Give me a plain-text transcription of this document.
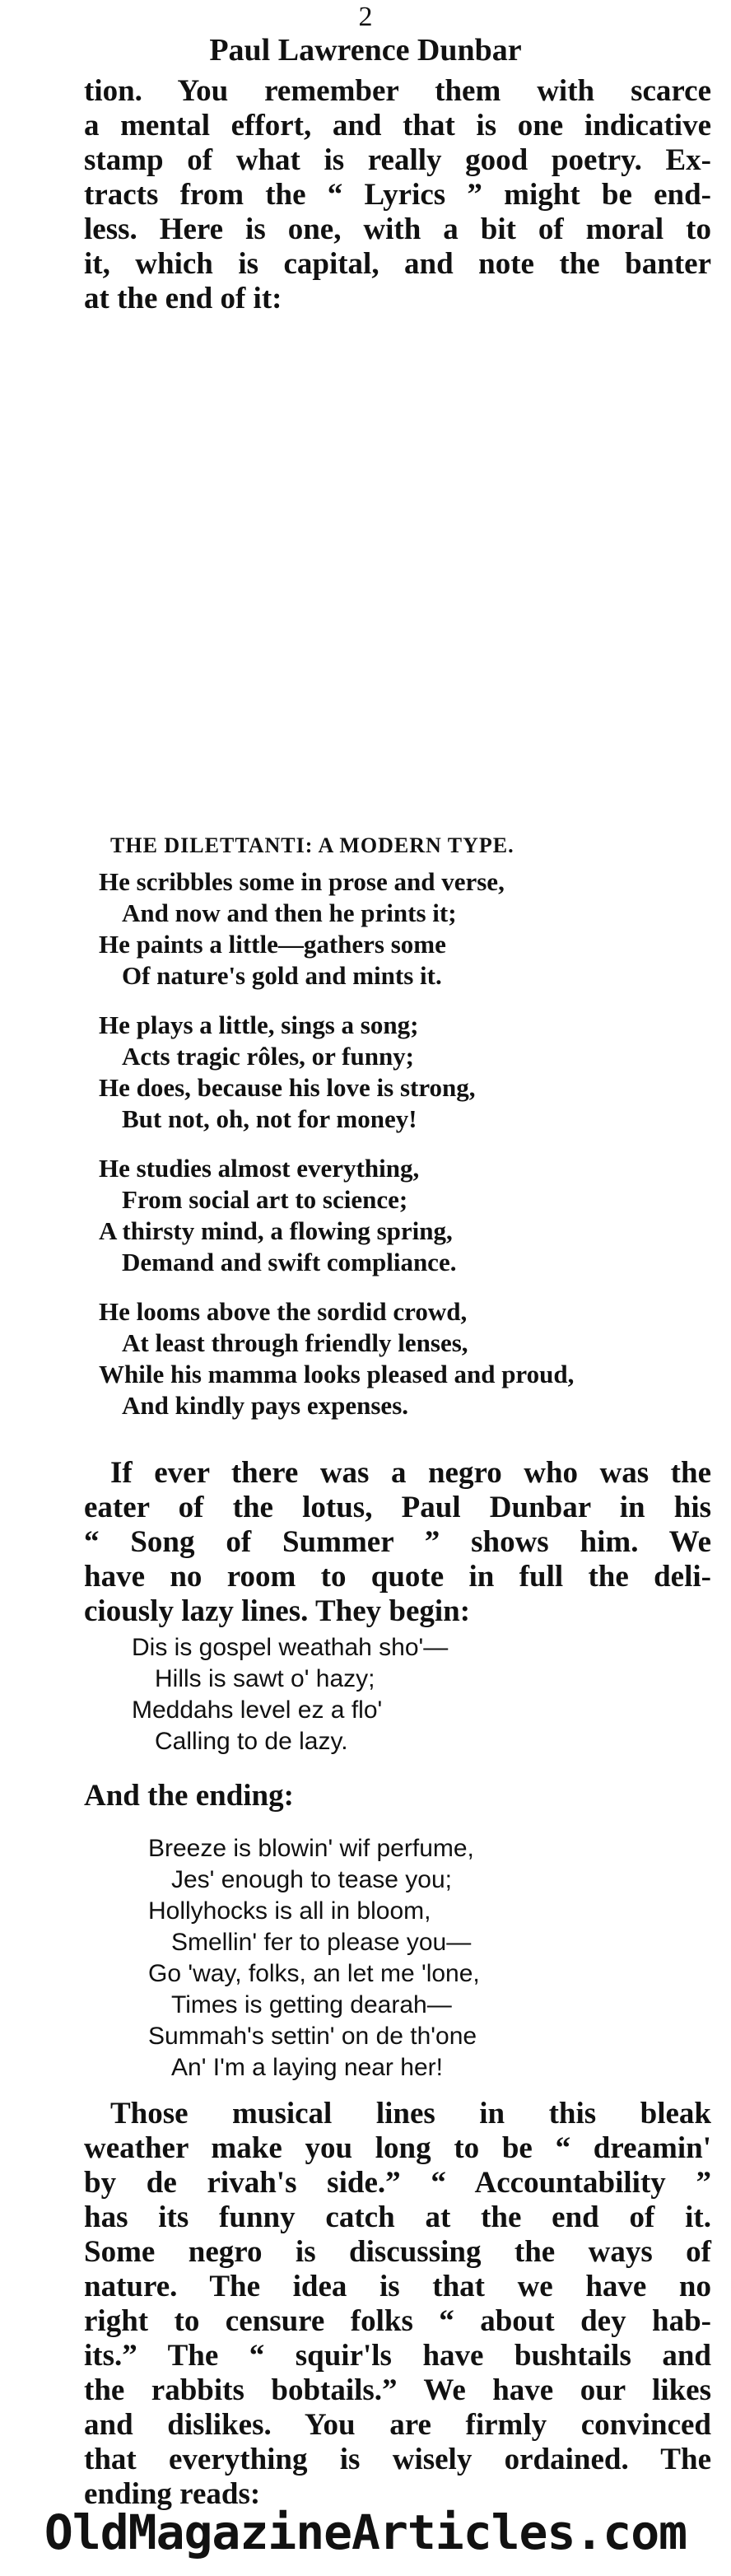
2
Paul Lawrence Dunbar
tion. You remember them with scarce
a mental effort, and that is one indicative
stamp of what is really good poetry. Ex-
tracts from the “ Lyrics ” might be end-
less. Here is one, with a bit of moral to
it, which is capital, and note the banter
at the end of it:
THE DILETTANTI: A MODERN TYPE.
He scribbles some in prose and verse,
And now and then he prints it;
He paints a little—gathers some
Of nature's gold and mints it.
He plays a little, sings a song;
Acts tragic rôles, or funny;
He does, because his love is strong,
But not, oh, not for money!
He studies almost everything,
From social art to science;
A thirsty mind, a flowing spring,
Demand and swift compliance.
He looms above the sordid crowd,
At least through friendly lenses,
While his mamma looks pleased and proud,
And kindly pays expenses.
If ever there was a negro who was the
eater of the lotus, Paul Dunbar in his
“ Song of Summer ” shows him. We
have no room to quote in full the deli-
ciously lazy lines. They begin:
Dis is gospel weathah sho'—
Hills is sawt o' hazy;
Meddahs level ez a flo'
Calling to de lazy.
And the ending:
Breeze is blowin' wif perfume,
Jes' enough to tease you;
Hollyhocks is all in bloom,
Smellin' fer to please you—
Go 'way, folks, an let me 'lone,
Times is getting dearah—
Summah's settin' on de th'one
An' I'm a laying near her!
Those musical lines in this bleak
weather make you long to be “ dreamin'
by de rivah's side.” “ Accountability ”
has its funny catch at the end of it.
Some negro is discussing the ways of
nature. The idea is that we have no
right to censure folks “ about dey hab-
its.” The “ squir'ls have bushtails and
the rabbits bobtails.” We have our likes
and dislikes. You are firmly convinced
that everything is wisely ordained. The
ending reads:
OldMagazineArticles.com
